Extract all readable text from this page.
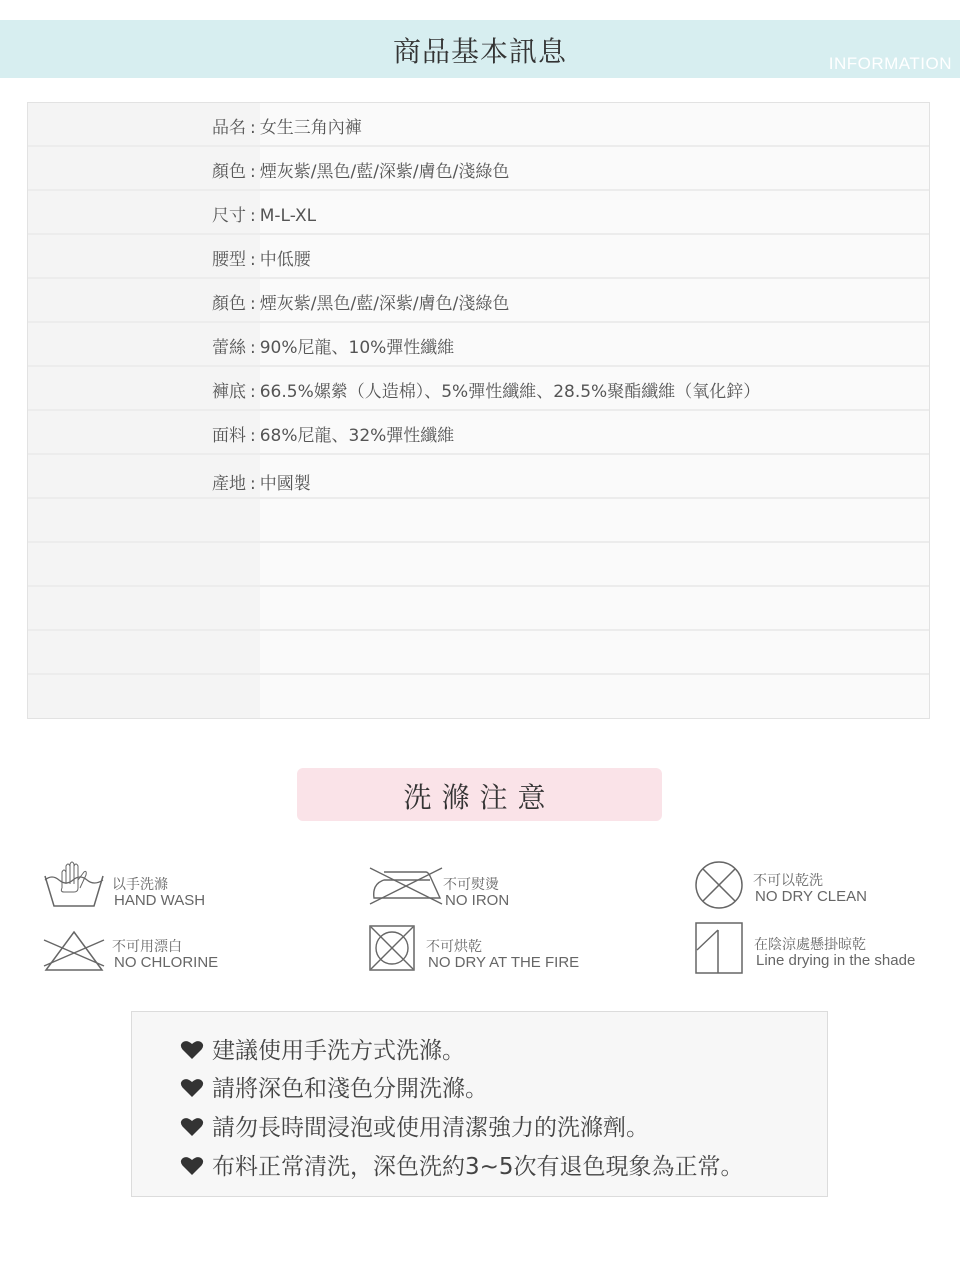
商品基本訊息	INFORMATION
品名 : 女生三角內褲
顏色 : 煙灰紫/黑色/藍/深紫/膚色/淺綠色
尺寸 : M-L-XL
腰型 : 中低腰
顏色 : 煙灰紫/黑色/藍/深紫/膚色/淺綠色
蕾絲 : 90%尼龍、10%彈性纖維
褲底 : 66.5%嫘縈（人造棉）、5%彈性纖維、28.5%聚酯纖維（氧化鋅）
面料 : 68%尼龍、32%彈性纖維
產地 : 中國製
洗滌注意
以手洗滌
HAND WASH
不可熨燙
NO IRON
不可以乾洗
NO DRY CLEAN
不可用漂白
NO CHLORINE
不可烘乾
NO DRY AT THE FIRE
在陰涼處懸掛晾乾
Line drying in the shade
建議使用手洗方式洗滌。
請將深色和淺色分開洗滌。
請勿長時間浸泡或使用清潔強力的洗滌劑。
布料正常清洗，深色洗約3~5次有退色現象為正常。
